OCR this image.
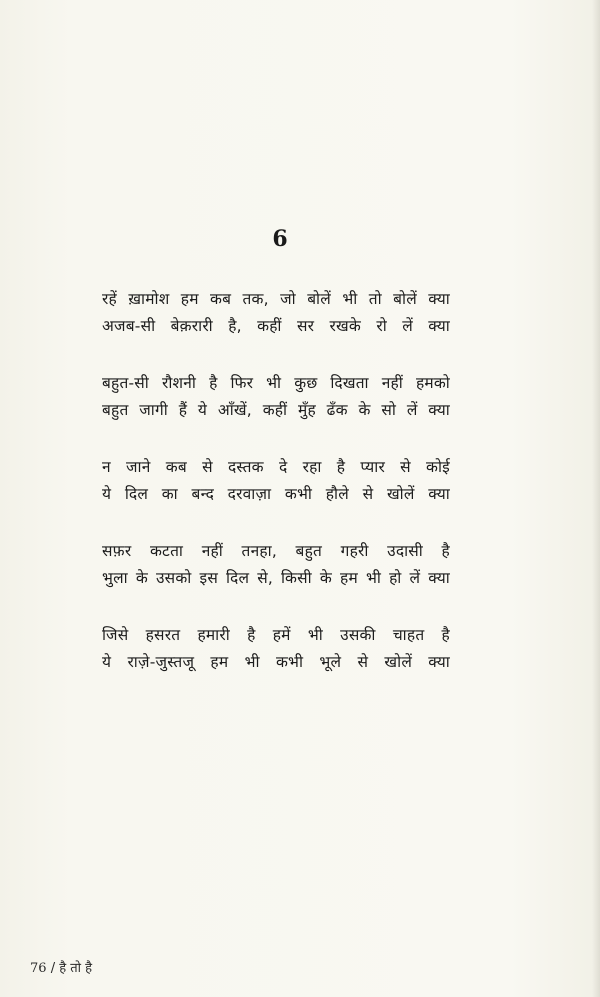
6
रहें ख़ामोश हम कब तक, जो बोलें भी तो बोलें क्या
अजब-सी बेक़रारी है, कहीं सर रखके रो लें क्या
बहुत-सी रौशनी है फिर भी कुछ दिखता नहीं हमको
बहुत जागी हैं ये आँखें, कहीं मुँह ढँक के सो लें क्या
न जाने कब से दस्तक दे रहा है प्यार से कोई
ये दिल का बन्द दरवाज़ा कभी हौले से खोलें क्या
सफ़र कटता नहीं तनहा, बहुत गहरी उदासी है
भुला के उसको इस दिल से, किसी के हम भी हो लें क्या
जिसे हसरत हमारी है हमें भी उसकी चाहत है
ये राज़े-जुस्तजू हम भी कभी भूले से खोलें क्या
76 / है तो है
